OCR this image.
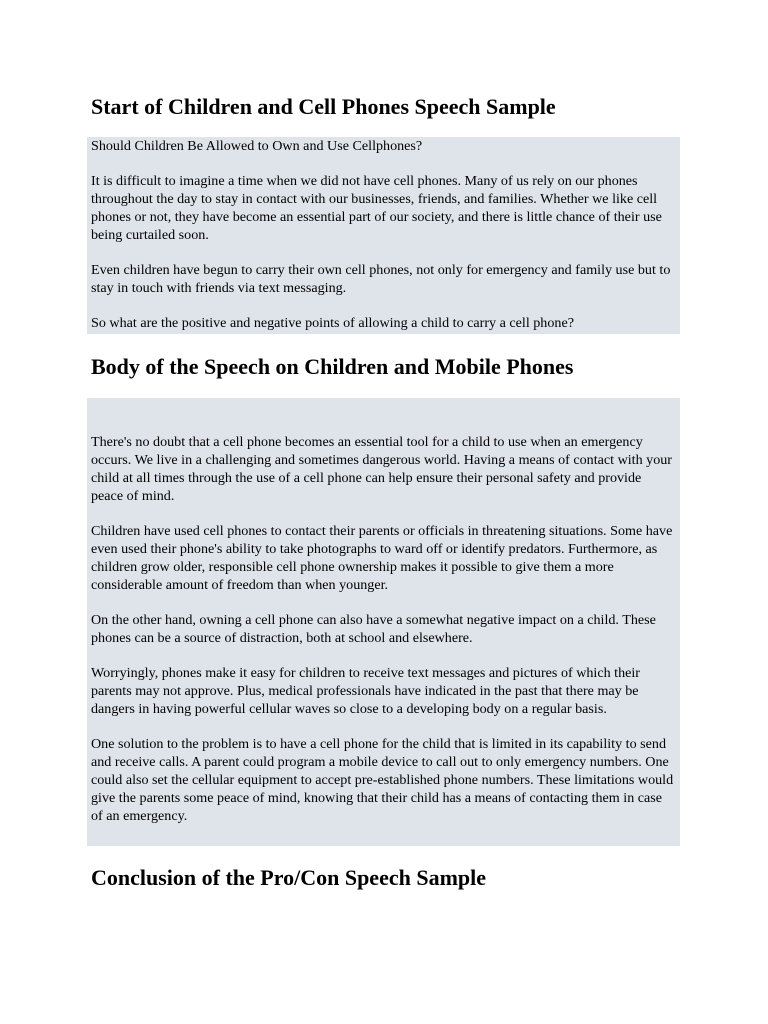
Start of Children and Cell Phones Speech Sample

Should Children Be Allowed to Own and Use Cellphones?

It is difficult to imagine a time when we did not have cell phones. Many of us rely on our phones throughout the day to stay in contact with our businesses, friends, and families. Whether we like cell phones or not, they have become an essential part of our society, and there is little chance of their use being curtailed soon.

Even children have begun to carry their own cell phones, not only for emergency and family use but to stay in touch with friends via text messaging.

So what are the positive and negative points of allowing a child to carry a cell phone?

Body of the Speech on Children and Mobile Phones

There's no doubt that a cell phone becomes an essential tool for a child to use when an emergency occurs. We live in a challenging and sometimes dangerous world. Having a means of contact with your child at all times through the use of a cell phone can help ensure their personal safety and provide peace of mind.

Children have used cell phones to contact their parents or officials in threatening situations. Some have even used their phone's ability to take photographs to ward off or identify predators. Furthermore, as children grow older, responsible cell phone ownership makes it possible to give them a more considerable amount of freedom than when younger.

On the other hand, owning a cell phone can also have a somewhat negative impact on a child. These phones can be a source of distraction, both at school and elsewhere.

Worryingly, phones make it easy for children to receive text messages and pictures of which their parents may not approve. Plus, medical professionals have indicated in the past that there may be dangers in having powerful cellular waves so close to a developing body on a regular basis.

One solution to the problem is to have a cell phone for the child that is limited in its capability to send and receive calls. A parent could program a mobile device to call out to only emergency numbers. One could also set the cellular equipment to accept pre-established phone numbers. These limitations would give the parents some peace of mind, knowing that their child has a means of contacting them in case of an emergency.

Conclusion of the Pro/Con Speech Sample
